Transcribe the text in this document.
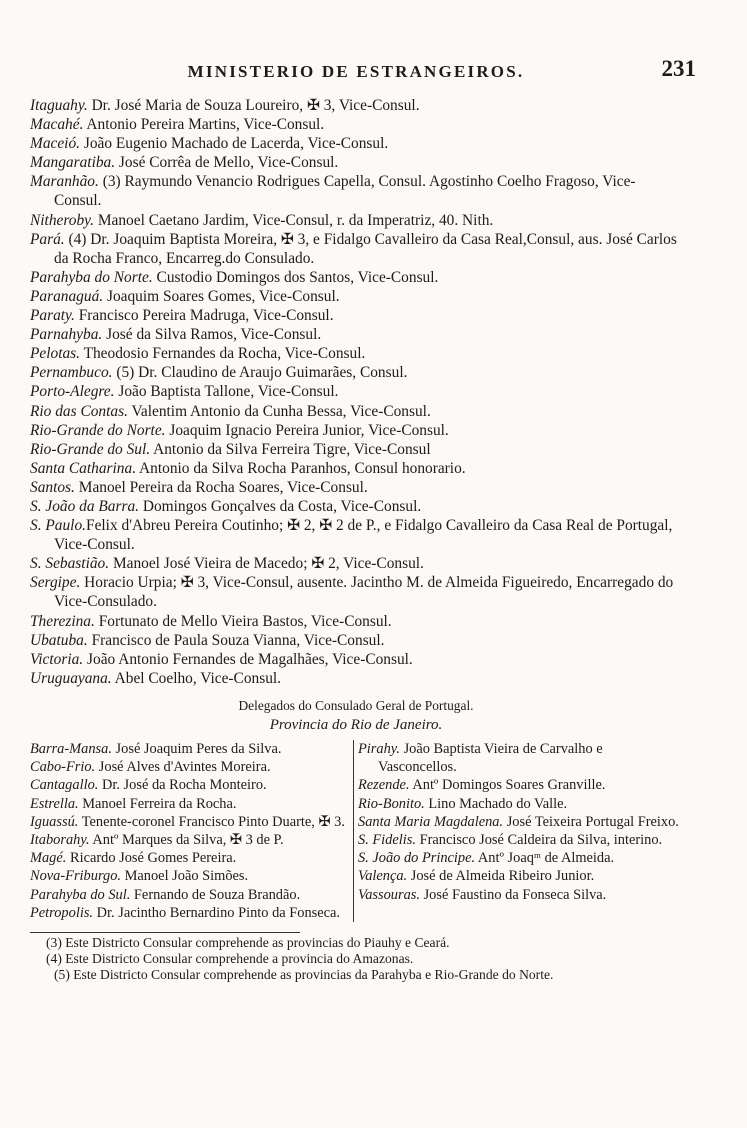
MINISTERIO DE ESTRANGEIROS.	231
Itaguahy. Dr. José Maria de Souza Loureiro, ✠ 3, Vice-Consul.
Macahé. Antonio Pereira Martins, Vice-Consul.
Maceió. João Eugenio Machado de Lacerda, Vice-Consul.
Mangaratiba. José Corrêa de Mello, Vice-Consul.
Maranhão. (3) Raymundo Venancio Rodrigues Capella, Consul. Agostinho Coelho Fragoso, Vice-Consul.
Nitheroby. Manoel Caetano Jardim, Vice-Consul, r. da Imperatriz, 40. Nith.
Pará. (4) Dr. Joaquim Baptista Moreira, ✠ 3, e Fidalgo Cavalleiro da Casa Real,Consul, aus. José Carlos da Rocha Franco, Encarreg.do Consulado.
Parahyba do Norte. Custodio Domingos dos Santos, Vice-Consul.
Paranaguá. Joaquim Soares Gomes, Vice-Consul.
Paraty. Francisco Pereira Madruga, Vice-Consul.
Parnahyba. José da Silva Ramos, Vice-Consul.
Pelotas. Theodosio Fernandes da Rocha, Vice-Consul.
Pernambuco. (5) Dr. Claudino de Araujo Guimarães, Consul.
Porto-Alegre. João Baptista Tallone, Vice-Consul.
Rio das Contas. Valentim Antonio da Cunha Bessa, Vice-Consul.
Rio-Grande do Norte. Joaquim Ignacio Pereira Junior, Vice-Consul.
Rio-Grande do Sul. Antonio da Silva Ferreira Tigre, Vice-Consul
Santa Catharina. Antonio da Silva Rocha Paranhos, Consul honorario.
Santos. Manoel Pereira da Rocha Soares, Vice-Consul.
S. João da Barra. Domingos Gonçalves da Costa, Vice-Consul.
S. Paulo.Felix d'Abreu Pereira Coutinho; ✠ 2, ✠ 2 de P., e Fidalgo Cavalleiro da Casa Real de Portugal, Vice-Consul.
S. Sebastião. Manoel José Vieira de Macedo; ✠ 2, Vice-Consul.
Sergipe. Horacio Urpia; ✠ 3, Vice-Consul, ausente. Jacintho M. de Almeida Figueiredo, Encarregado do Vice-Consulado.
Therezina. Fortunato de Mello Vieira Bastos, Vice-Consul.
Ubatuba. Francisco de Paula Souza Vianna, Vice-Consul.
Victoria. João Antonio Fernandes de Magalhães, Vice-Consul.
Uruguayana. Abel Coelho, Vice-Consul.
Delegados do Consulado Geral de Portugal.
Provincia do Rio de Janeiro.
Barra-Mansa. José Joaquim Peres da Silva.
Cabo-Frio. José Alves d'Avintes Moreira.
Cantagallo. Dr. José da Rocha Monteiro.
Estrella. Manoel Ferreira da Rocha.
Iguassú. Tenente-coronel Francisco Pinto Duarte, ✠ 3.
Itaborahy. Antº Marques da Silva, ✠ 3 de P.
Magé. Ricardo José Gomes Pereira.
Nova-Friburgo. Manoel João Simões.
Parahyba do Sul. Fernando de Souza Brandão.
Petropolis. Dr. Jacintho Bernardino Pinto da Fonseca.
Pirahy. João Baptista Vieira de Carvalho e Vasconcellos.
Rezende. Antº Domingos Soares Granville.
Rio-Bonito. Lino Machado do Valle.
Santa Maria Magdalena. José Teixeira Portugal Freixo.
S. Fidelis. Francisco José Caldeira da Silva, interino.
S. João do Principe. Antº Joaqᵐ de Almeida.
Valença. José de Almeida Ribeiro Junior.
Vassouras. José Faustino da Fonseca Silva.
(3) Este Districto Consular comprehende as provincias do Piauhy e Ceará.
(4) Este Districto Consular comprehende a provincia do Amazonas.
(5) Este Districto Consular comprehende as provincias da Parahyba e Rio-Grande do Norte.
